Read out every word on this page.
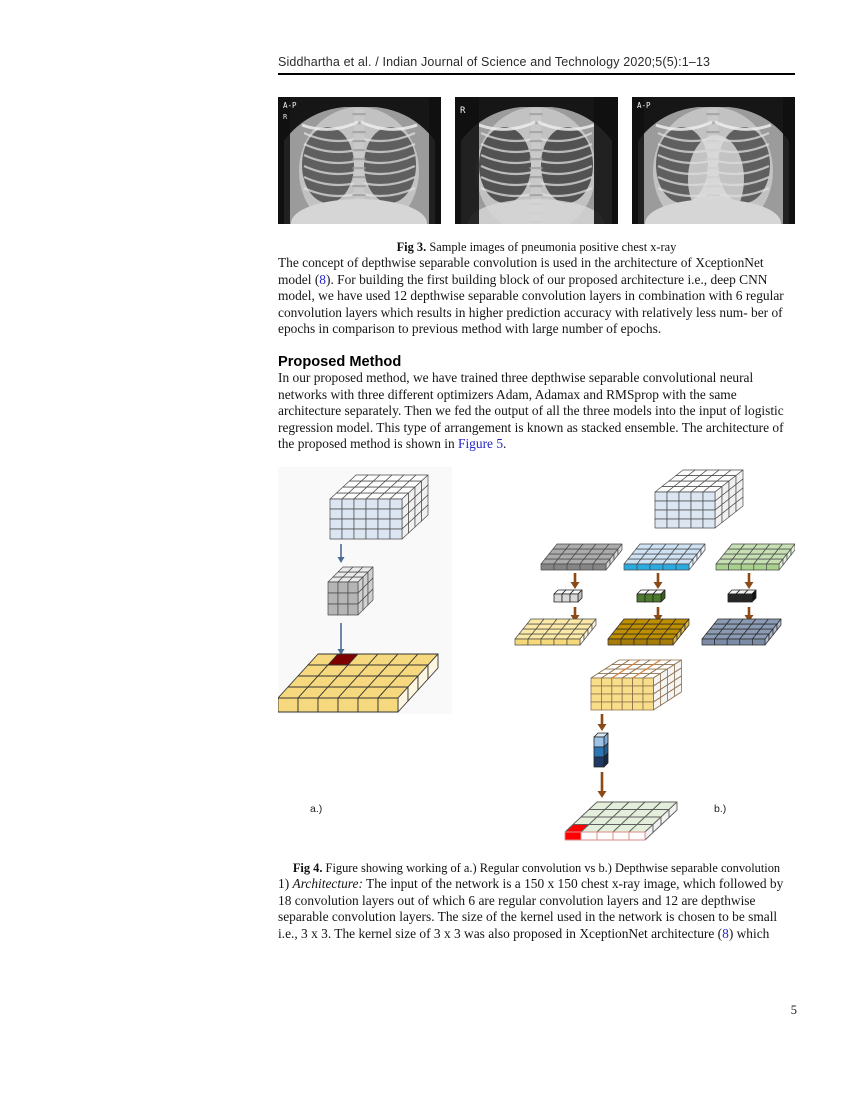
Siddhartha et al. / Indian Journal of Science and Technology 2020;5(5):1–13
A-P
R
R
A-P
Fig 3. Sample images of pneumonia positive chest x-ray

The concept of depthwise separable convolution is used in the architecture of XceptionNet model (8). For building the first building block of our proposed architecture i.e., deep CNN model, we have used 12 depthwise separable convolution layers in combination with 6 regular convolution layers which results in higher prediction accuracy with relatively less num- ber of epochs in comparison to previous method with large number of epochs.

Proposed Method

In our proposed method, we have trained three depthwise separable convolutional neural networks with three different optimizers Adam, Adamax and RMSprop with the same architecture separately. Then we fed the output of all the three models into the input of logistic regression model. This type of arrangement is known as stacked ensemble. The architecture of the proposed method is shown in Figure 5.

a.)	b.)
Fig 4. Figure showing working of a.) Regular convolution vs b.) Depthwise separable convolution

1) Architecture: The input of the network is a 150 x 150 chest x-ray image, which followed by 18 convolution layers out of which 6 are regular convolution layers and 12 are depthwise separable convolution layers. The size of the kernel used in the network is chosen to be small i.e., 3 x 3. The kernel size of 3 x 3 was also proposed in XceptionNet architecture (8) which

5
